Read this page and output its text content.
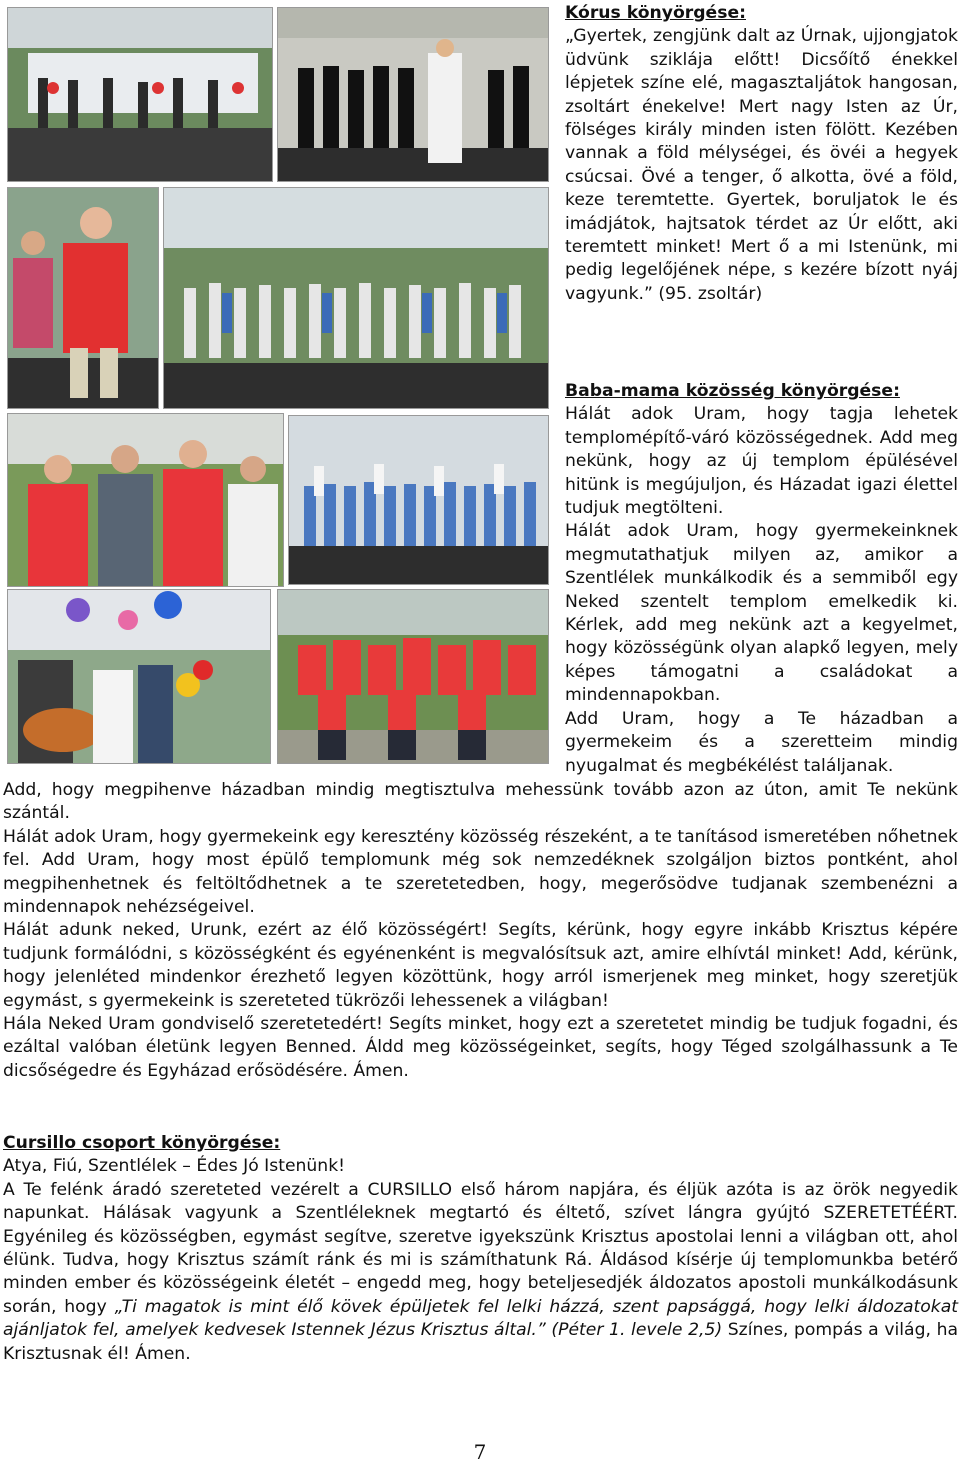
Kórus könyörgése:
„Gyertek, zengjünk dalt az Úrnak, ujjongjatok üdvünk sziklája előtt! Dicsőítő énekkel lépjetek színe elé, magasztaljátok hangosan, zsoltárt énekelve! Mert nagy Isten az Úr, fölséges király minden isten fölött. Kezében vannak a föld mélységei, és övéi a hegyek csúcsai. Övé a tenger, ő alkotta, övé a föld, keze teremtette. Gyertek, boruljatok le és imádjátok, hajtsatok térdet az Úr előtt, aki teremtett minket! Mert ő a mi Istenünk, mi pedig legelőjének népe, s kezére bízott nyáj vagyunk.” (95. zsoltár)
Baba-mama közösség könyörgése:
Hálát adok Uram, hogy tagja lehetek templomépítő-váró közösségednek. Add meg nekünk, hogy az új templom épülésével hitünk is megújuljon, és Házadat igazi élettel tudjuk megtölteni.
Hálát adok Uram, hogy gyermekeinknek megmutathatjuk milyen az, amikor a Szentlélek munkálkodik és a semmiből egy Neked szentelt templom emelkedik ki. Kérlek, add meg nekünk azt a kegyelmet, hogy közösségünk olyan alapkő legyen, mely képes támogatni a családokat a mindennapokban.
Add Uram, hogy a Te házadban a gyermekeim és a szeretteim mindig nyugalmat és megbékélést találjanak.
Add, hogy megpihenve házadban mindig megtisztulva mehessünk tovább azon az úton, amit Te nekünk szántál.
Hálát adok Uram, hogy gyermekeink egy keresztény közösség részeként, a te tanításod ismeretében nőhetnek fel. Add Uram, hogy most épülő templomunk még sok nemzedéknek szolgáljon biztos pontként, ahol megpihenhetnek és feltöltődhetnek a te szeretetedben, hogy, megerősödve tudjanak szembenézni a mindennapok nehézségeivel.
Hálát adunk neked, Urunk, ezért az élő közösségért! Segíts, kérünk, hogy egyre inkább Krisztus képére tudjunk formálódni, s közösségként és egyénenként is megvalósítsuk azt, amire elhívtál minket! Add, kérünk, hogy jelenléted mindenkor érezhető legyen közöttünk, hogy arról ismerjenek meg minket, hogy szeretjük egymást, s gyermekeink is szereteted tükrözői lehessenek a világban!
Hála Neked Uram gondviselő szeretetedért! Segíts minket, hogy ezt a szeretetet mindig be tudjuk fogadni, és ezáltal valóban életünk legyen Benned. Áldd meg közösségeinket, segíts, hogy Téged szolgálhassunk a Te dicsőségedre és Egyházad erősödésére. Ámen.
Cursillo csoport könyörgése:
Atya, Fiú, Szentlélek – Édes Jó Istenünk!
A Te felénk áradó szereteted vezérelt a CURSILLO első három napjára, és éljük azóta is az örök negyedik napunkat. Hálásak vagyunk a Szentléleknek megtartó és éltető, szívet lángra gyújtó SZERETETÉÉRT. Egyénileg és közösségben, egymást segítve, szeretve igyekszünk Krisztus apostolai lenni a világban ott, ahol élünk. Tudva, hogy Krisztus számít ránk és mi is számíthatunk Rá. Áldásod kísérje új templomunkba betérő minden ember és közösségeink életét – engedd meg, hogy beteljesedjék áldozatos apostoli munkálkodásunk során, hogy „Ti magatok is mint élő kövek épüljetek fel lelki házzá, szent papsággá, hogy lelki áldozatokat ajánljatok fel, amelyek kedvesek Istennek Jézus Krisztus által.” (Péter 1. levele 2,5) Színes, pompás a világ, ha Krisztusnak él! Ámen.
7
